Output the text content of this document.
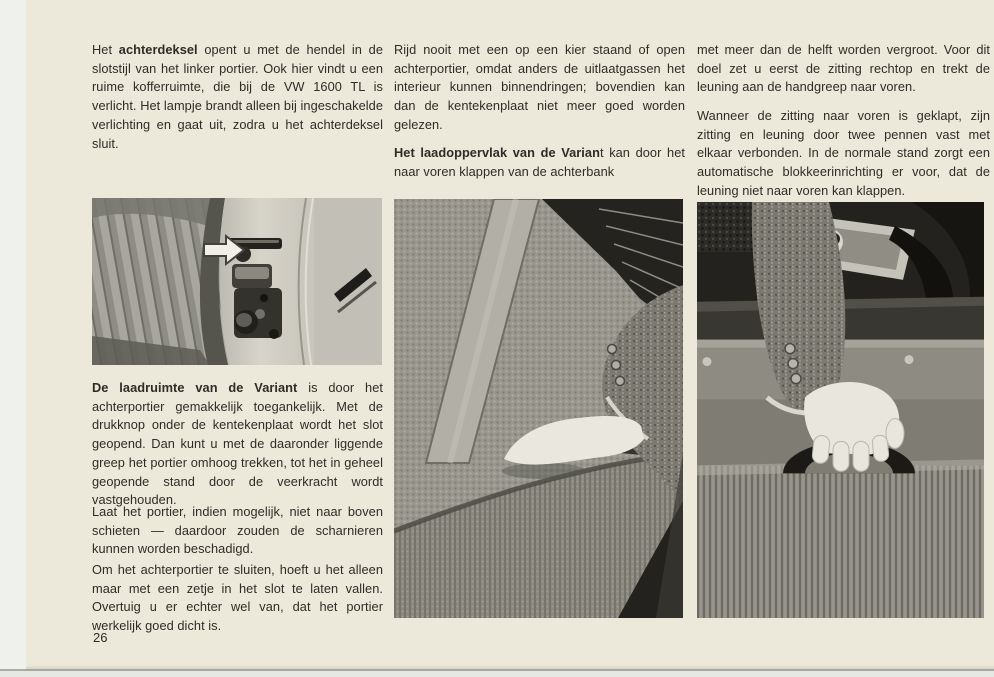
Het achterdeksel opent u met de hendel in de slotstijl van het linker portier. Ook hier vindt u een ruime kofferruimte, die bij de VW 1600 TL is verlicht. Het lampje brandt alleen bij ingeschakelde verlichting en gaat uit, zodra u het achterdeksel sluit.

De laadruimte van de Variant is door het achterportier gemakkelijk toegankelijk. Met de drukknop onder de kentekenplaat wordt het slot geopend. Dan kunt u met de daaronder liggende greep het portier omhoog trekken, tot het in geheel geopende stand door de veerkracht wordt vastgehouden.

Laat het portier, indien mogelijk, niet naar boven schieten — daardoor zouden de scharnieren kunnen worden beschadigd.

Om het achterportier te sluiten, hoeft u het alleen maar met een zetje in het slot te laten vallen. Overtuig u er echter wel van, dat het portier werkelijk goed dicht is.

Rijd nooit met een op een kier staand of open achterportier, omdat anders de uitlaatgassen het interieur kunnen binnendringen; bovendien kan dan de kentekenplaat niet meer goed worden gelezen.

Het laadoppervlak van de Variant kan door het naar voren klappen van de achterbank

met meer dan de helft worden vergroot. Voor dit doel zet u eerst de zitting rechtop en trekt de leuning aan de handgreep naar voren.

Wanneer de zitting naar voren is geklapt, zijn zitting en leuning door twee pennen vast met elkaar verbonden. In de normale stand zorgt een automatische blokkeerinrichting er voor, dat de leuning niet naar voren kan klappen.

26
